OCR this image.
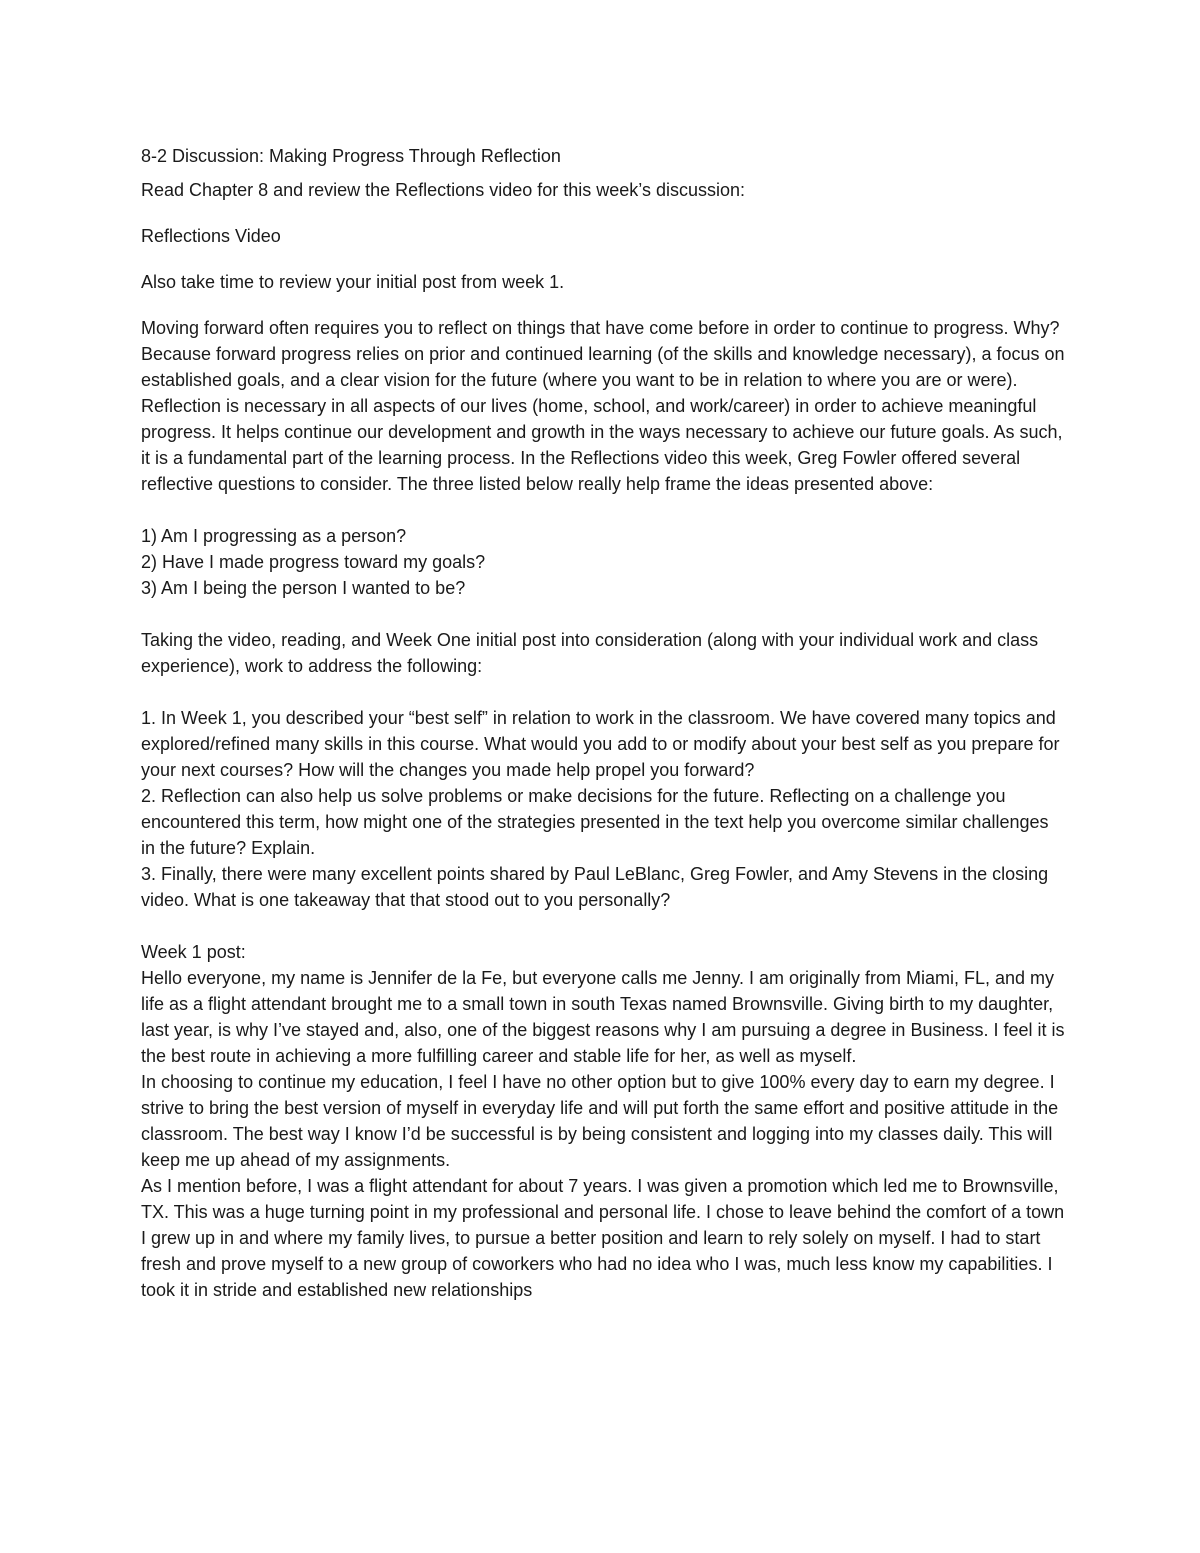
8-2 Discussion: Making Progress Through Reflection

Read Chapter 8 and review the Reflections video for this week’s discussion:

Reflections Video

Also take time to review your initial post from week 1.

Moving forward often requires you to reflect on things that have come before in order to continue to progress. Why? Because forward progress relies on prior and continued learning (of the skills and knowledge necessary), a focus on established goals, and a clear vision for the future (where you want to be in relation to where you are or were). Reflection is necessary in all aspects of our lives (home, school, and work/career) in order to achieve meaningful progress. It helps continue our development and growth in the ways necessary to achieve our future goals. As such, it is a fundamental part of the learning process. In the Reflections video this week, Greg Fowler offered several reflective questions to consider. The three listed below really help frame the ideas presented above:

1) Am I progressing as a person?

2) Have I made progress toward my goals?

3) Am I being the person I wanted to be?

Taking the video, reading, and Week One initial post into consideration (along with your individual work and class experience), work to address the following:

1. In Week 1, you described your “best self” in relation to work in the classroom. We have covered many topics and explored/refined many skills in this course. What would you add to or modify about your best self as you prepare for your next courses? How will the changes you made help propel you forward?

2. Reflection can also help us solve problems or make decisions for the future. Reflecting on a challenge you encountered this term, how might one of the strategies presented in the text help you overcome similar challenges in the future? Explain.

3. Finally, there were many excellent points shared by Paul LeBlanc, Greg Fowler, and Amy Stevens in the closing video. What is one takeaway that that stood out to you personally?

Week 1 post:

Hello everyone, my name is Jennifer de la Fe, but everyone calls me Jenny. I am originally from Miami, FL, and my life as a flight attendant brought me to a small town in south Texas named Brownsville. Giving birth to my daughter, last year, is why I’ve stayed and, also, one of the biggest reasons why I am pursuing a degree in Business. I feel it is the best route in achieving a more fulfilling career and stable life for her, as well as myself.

In choosing to continue my education, I feel I have no other option but to give 100% every day to earn my degree. I strive to bring the best version of myself in everyday life and will put forth the same effort and positive attitude in the classroom. The best way I know I’d be successful is by being consistent and logging into my classes daily. This will keep me up ahead of my assignments.

As I mention before, I was a flight attendant for about 7 years. I was given a promotion which led me to Brownsville, TX. This was a huge turning point in my professional and personal life. I chose to leave behind the comfort of a town I grew up in and where my family lives, to pursue a better position and learn to rely solely on myself. I had to start fresh and prove myself to a new group of coworkers who had no idea who I was, much less know my capabilities. I took it in stride and established new relationships
